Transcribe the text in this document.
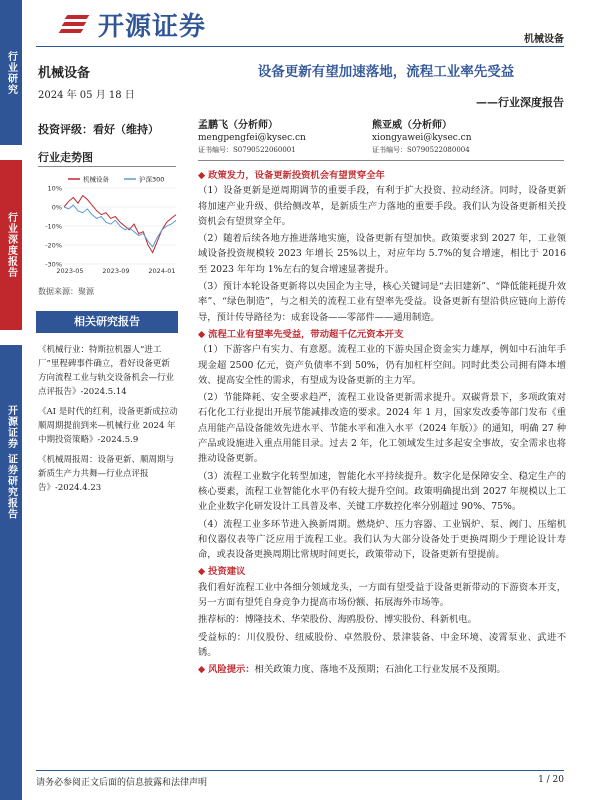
行业研究
行业深度报告
开源证券 证券研究报告
开源证券	机械设备
机械设备
2024 年 05 月 18 日
投资评级：看好（维持）
行业走势图
10%
0%
-10%
-20%
-30%
2023-05	2023-09	2024-01
机械设备	沪深300
数据来源：聚源
相关研究报告

《机械行业：特斯拉机器人“进工厂”里程碑事件确立，看好设备更新方向流程工业与轨交设备机会—行业点评报告》-2024.5.14

《AI 是时代的红利，设备更新成拉动顺周期提前到来—机械行业 2024 年中期投资策略》-2024.5.9

《机械周报周：设备更新、顺周期与新质生产力共舞—行业点评报告》-2024.4.23

设备更新有望加速落地，流程工业率先受益
——行业深度报告
孟鹏飞（分析师）
mengpengfei@kysec.cn
证书编号：S0790522060001
熊亚威（分析师）
xiongyawei@kysec.cn
证书编号：S0790522080004
◆ 政策发力，设备更新投资机会有望贯穿全年
（1）设备更新是逆周期调节的重要手段，有利于扩大投资、拉动经济。同时，设备更新将加速产业升级、供给侧改革，是新质生产力落地的重要手段。我们认为设备更新相关投资机会有望贯穿全年。
（2）随着后续各地方推进落地实施，设备更新有望加快。政策要求到 2027 年，工业领域设备投资规模较 2023 年增长 25%以上，对应年均 5.7%的复合增速，相比于 2016 至 2023 年年均 1%左右的复合增速显著提升。
（3）预计本轮设备更新将以央国企为主导，核心关键词是“去旧建新”、“降低能耗提升效率”、“绿色制造”，与之相关的流程工业有望率先受益。设备更新有望沿供应链向上游传导，预计传导路径为：成套设备——零部件——通用制造。
◆ 流程工业有望率先受益，带动超千亿元资本开支
（1）下游客户有实力、有意愿。流程工业的下游央国企资金实力雄厚，例如中石油年手现金超 2500 亿元，资产负债率不到 50%，仍有加杠杆空间。同时此类公司拥有降本增效、提高安全性的需求，有望成为设备更新的主力军。
（2）节能降耗、安全要求趋严，流程工业设备更新需求提升。双碳背景下，多项政策对石化化工行业提出开展节能减排改造的要求。2024 年 1 月，国家发改委等部门发布《重点用能产品设备能效先进水平、节能水平和准入水平（2024 年版）》的通知，明确 27 种产品或设施进入重点用能目录。过去 2 年，化工领域发生过多起安全事故，安全需求也将推动设备更新。
（3）流程工业数字化转型加速，智能化水平持续提升。数字化是保障安全、稳定生产的核心要素，流程工业智能化水平仍有较大提升空间。政策明确提出到 2027 年规模以上工业企业数字化研发设计工具普及率、关键工序数控化率分别超过 90%、75%。
（4）流程工业多环节进入换新周期。燃烧炉、压力容器、工业锅炉、泵、阀门、压缩机和仪器仪表等广泛应用于流程工业。我们认为大部分设备处于更换周期少于理论设计寿命，或表设备更换周期比常规时间更长，政策带动下，设备更新有望提前。
◆ 投资建议
我们看好流程工业中各细分领域龙头，一方面有望受益于设备更新带动的下游资本开支，另一方面有望凭自身竞争力提高市场份额、拓展海外市场等。
推荐标的：博隆技术、华荣股份、海鸥股份、博实股份、科新机电。
受益标的：川仪股份、纽威股份、卓然股份、景津装备、中金环境、凌霄泵业、武进不锈。
◆ 风险提示：相关政策力度、落地不及预期；石油化工行业发展不及预期。
请务必参阅正文后面的信息披露和法律声明	1 / 20
